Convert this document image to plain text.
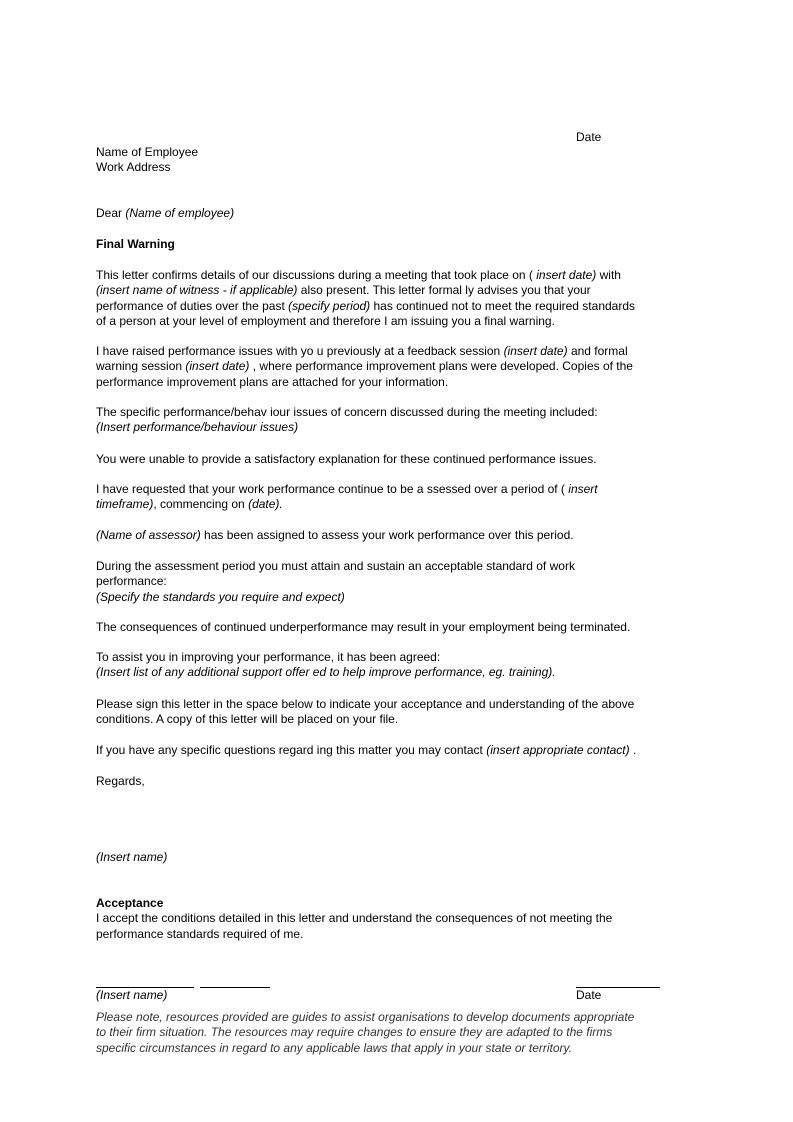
Date
Name of Employee
Work Address
Dear (Name of employee)
Final Warning

This letter confirms details of our discussions during a meeting that took place on ( insert date) with

(insert name of witness - if applicable) also present. This letter formal ly advises you that your

performance of duties over the past (specify period) has continued not to meet the required standards

of a person at your level of employment and therefore I am issuing you a final warning.

I have raised performance issues with yo u previously at a feedback session (insert date) and formal

warning session (insert date) , where performance improvement plans were developed. Copies of the

performance improvement plans are attached for your information.

The specific performance/behav iour issues of concern discussed during the meeting included:

(Insert performance/behaviour issues)

You were unable to provide a satisfactory explanation for these continued performance issues.

I have requested that your work performance continue to be a ssessed over a period of ( insert

timeframe), commencing on (date).

(Name of assessor) has been assigned to assess your work performance over this period.

During the assessment period you must attain and sustain an acceptable standard of work

performance:

(Specify the standards you require and expect)

The consequences of continued underperformance may result in your employment being terminated.

To assist you in improving your performance, it has been agreed:

(Insert list of any additional support offer ed to help improve performance, eg. training).

Please sign this letter in the space below to indicate your acceptance and understanding of the above

conditions. A copy of this letter will be placed on your file.

If you have any specific questions regard ing this matter you may contact (insert appropriate contact) .

Regards,
(Insert name)

Acceptance

I accept the conditions detailed in this letter and understand the consequences of not meeting the

performance standards required of me.

(Insert name)	Date

Please note, resources provided are guides to assist organisations to develop documents appropriate

to their firm situation. The resources may require changes to ensure they are adapted to the firms

specific circumstances in regard to any applicable laws that apply in your state or territory.
